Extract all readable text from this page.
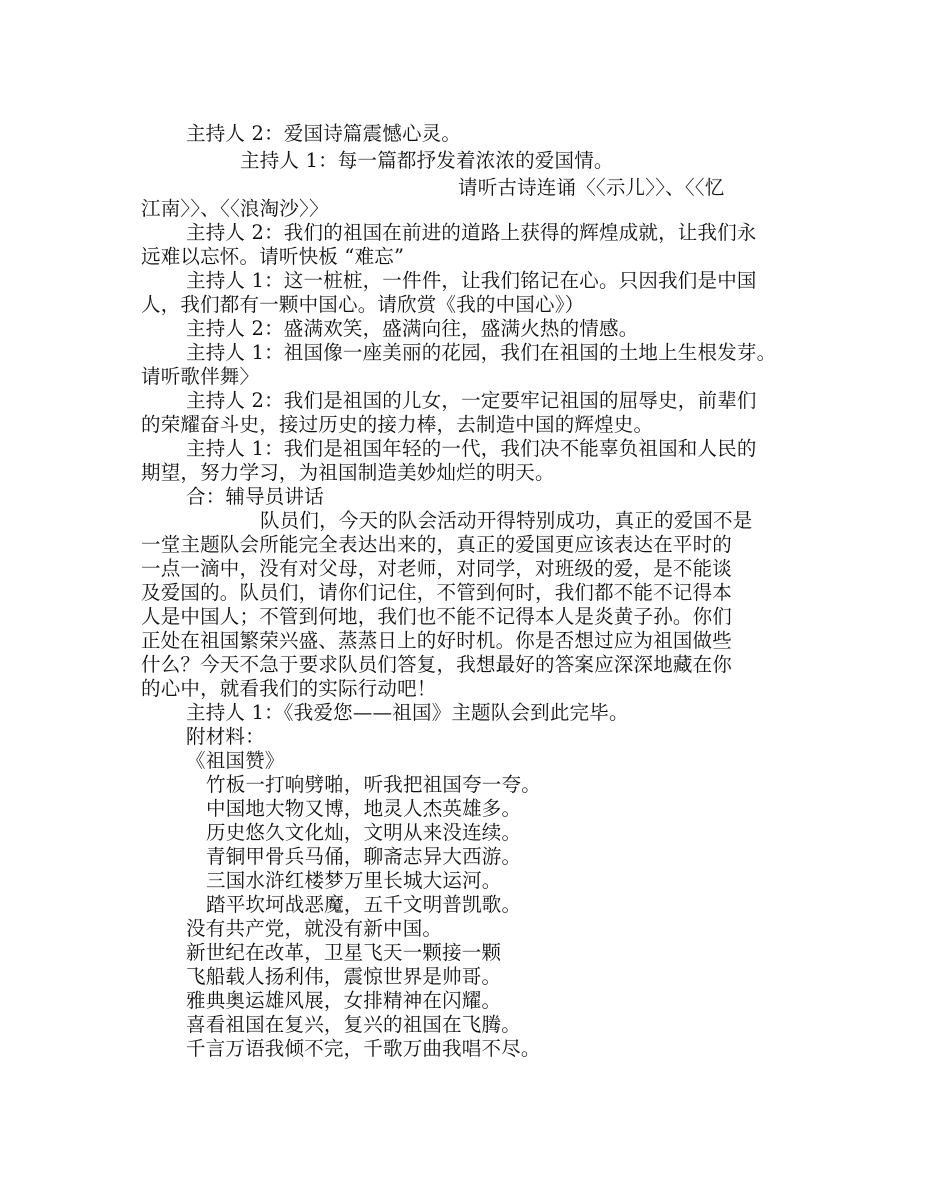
主持人 2：爱国诗篇震憾心灵。
主持人 1：每一篇都抒发着浓浓的爱国情。
请听古诗连诵〈〈示儿〉〉、〈〈忆
江南〉〉、〈〈浪淘沙〉〉
主持人 2：我们的祖国在前进的道路上获得的辉煌成就，让我们永
远难以忘怀。请听快板 “难忘”
主持人 1：这一桩桩，一件件，让我们铭记在心。只因我们是中国
人，我们都有一颗中国心。请欣赏《我的中国心》）
主持人 2：盛满欢笑，盛满向往，盛满火热的情感。
主持人 1：祖国像一座美丽的花园，我们在祖国的土地上生根发芽。
请听歌伴舞〉
主持人 2：我们是祖国的儿女，一定要牢记祖国的屈辱史，前辈们
的荣耀奋斗史，接过历史的接力棒，去制造中国的辉煌史。
主持人 1：我们是祖国年轻的一代，我们决不能辜负祖国和人民的
期望，努力学习，为祖国制造美妙灿烂的明天。
合：辅导员讲话
队员们，今天的队会活动开得特别成功，真正的爱国不是
一堂主题队会所能完全表达出来的，真正的爱国更应该表达在平时的
一点一滴中，没有对父母，对老师，对同学，对班级的爱，是不能谈
及爱国的。队员们，请你们记住，不管到何时，我们都不能不记得本
人是中国人；不管到何地，我们也不能不记得本人是炎黄子孙。你们
正处在祖国繁荣兴盛、蒸蒸日上的好时机。你是否想过应为祖国做些
什么？今天不急于要求队员们答复，我想最好的答案应深深地藏在你
的心中，就看我们的实际行动吧！
主持人 1：《我爱您——祖国》主题队会到此完毕。
附材料：
《祖国赞》
竹板一打响劈啪，听我把祖国夸一夸。
中国地大物又博，地灵人杰英雄多。
历史悠久文化灿，文明从来没连续。
青铜甲骨兵马俑，聊斋志异大西游。
三国水浒红楼梦万里长城大运河。
踏平坎坷战恶魔，五千文明普凯歌。
没有共产党，就没有新中国。
新世纪在改革，卫星飞天一颗接一颗
飞船载人扬利伟，震惊世界是帅哥。
雅典奥运雄风展，女排精神在闪耀。
喜看祖国在复兴，复兴的祖国在飞腾。
千言万语我倾不完，千歌万曲我唱不尽。
